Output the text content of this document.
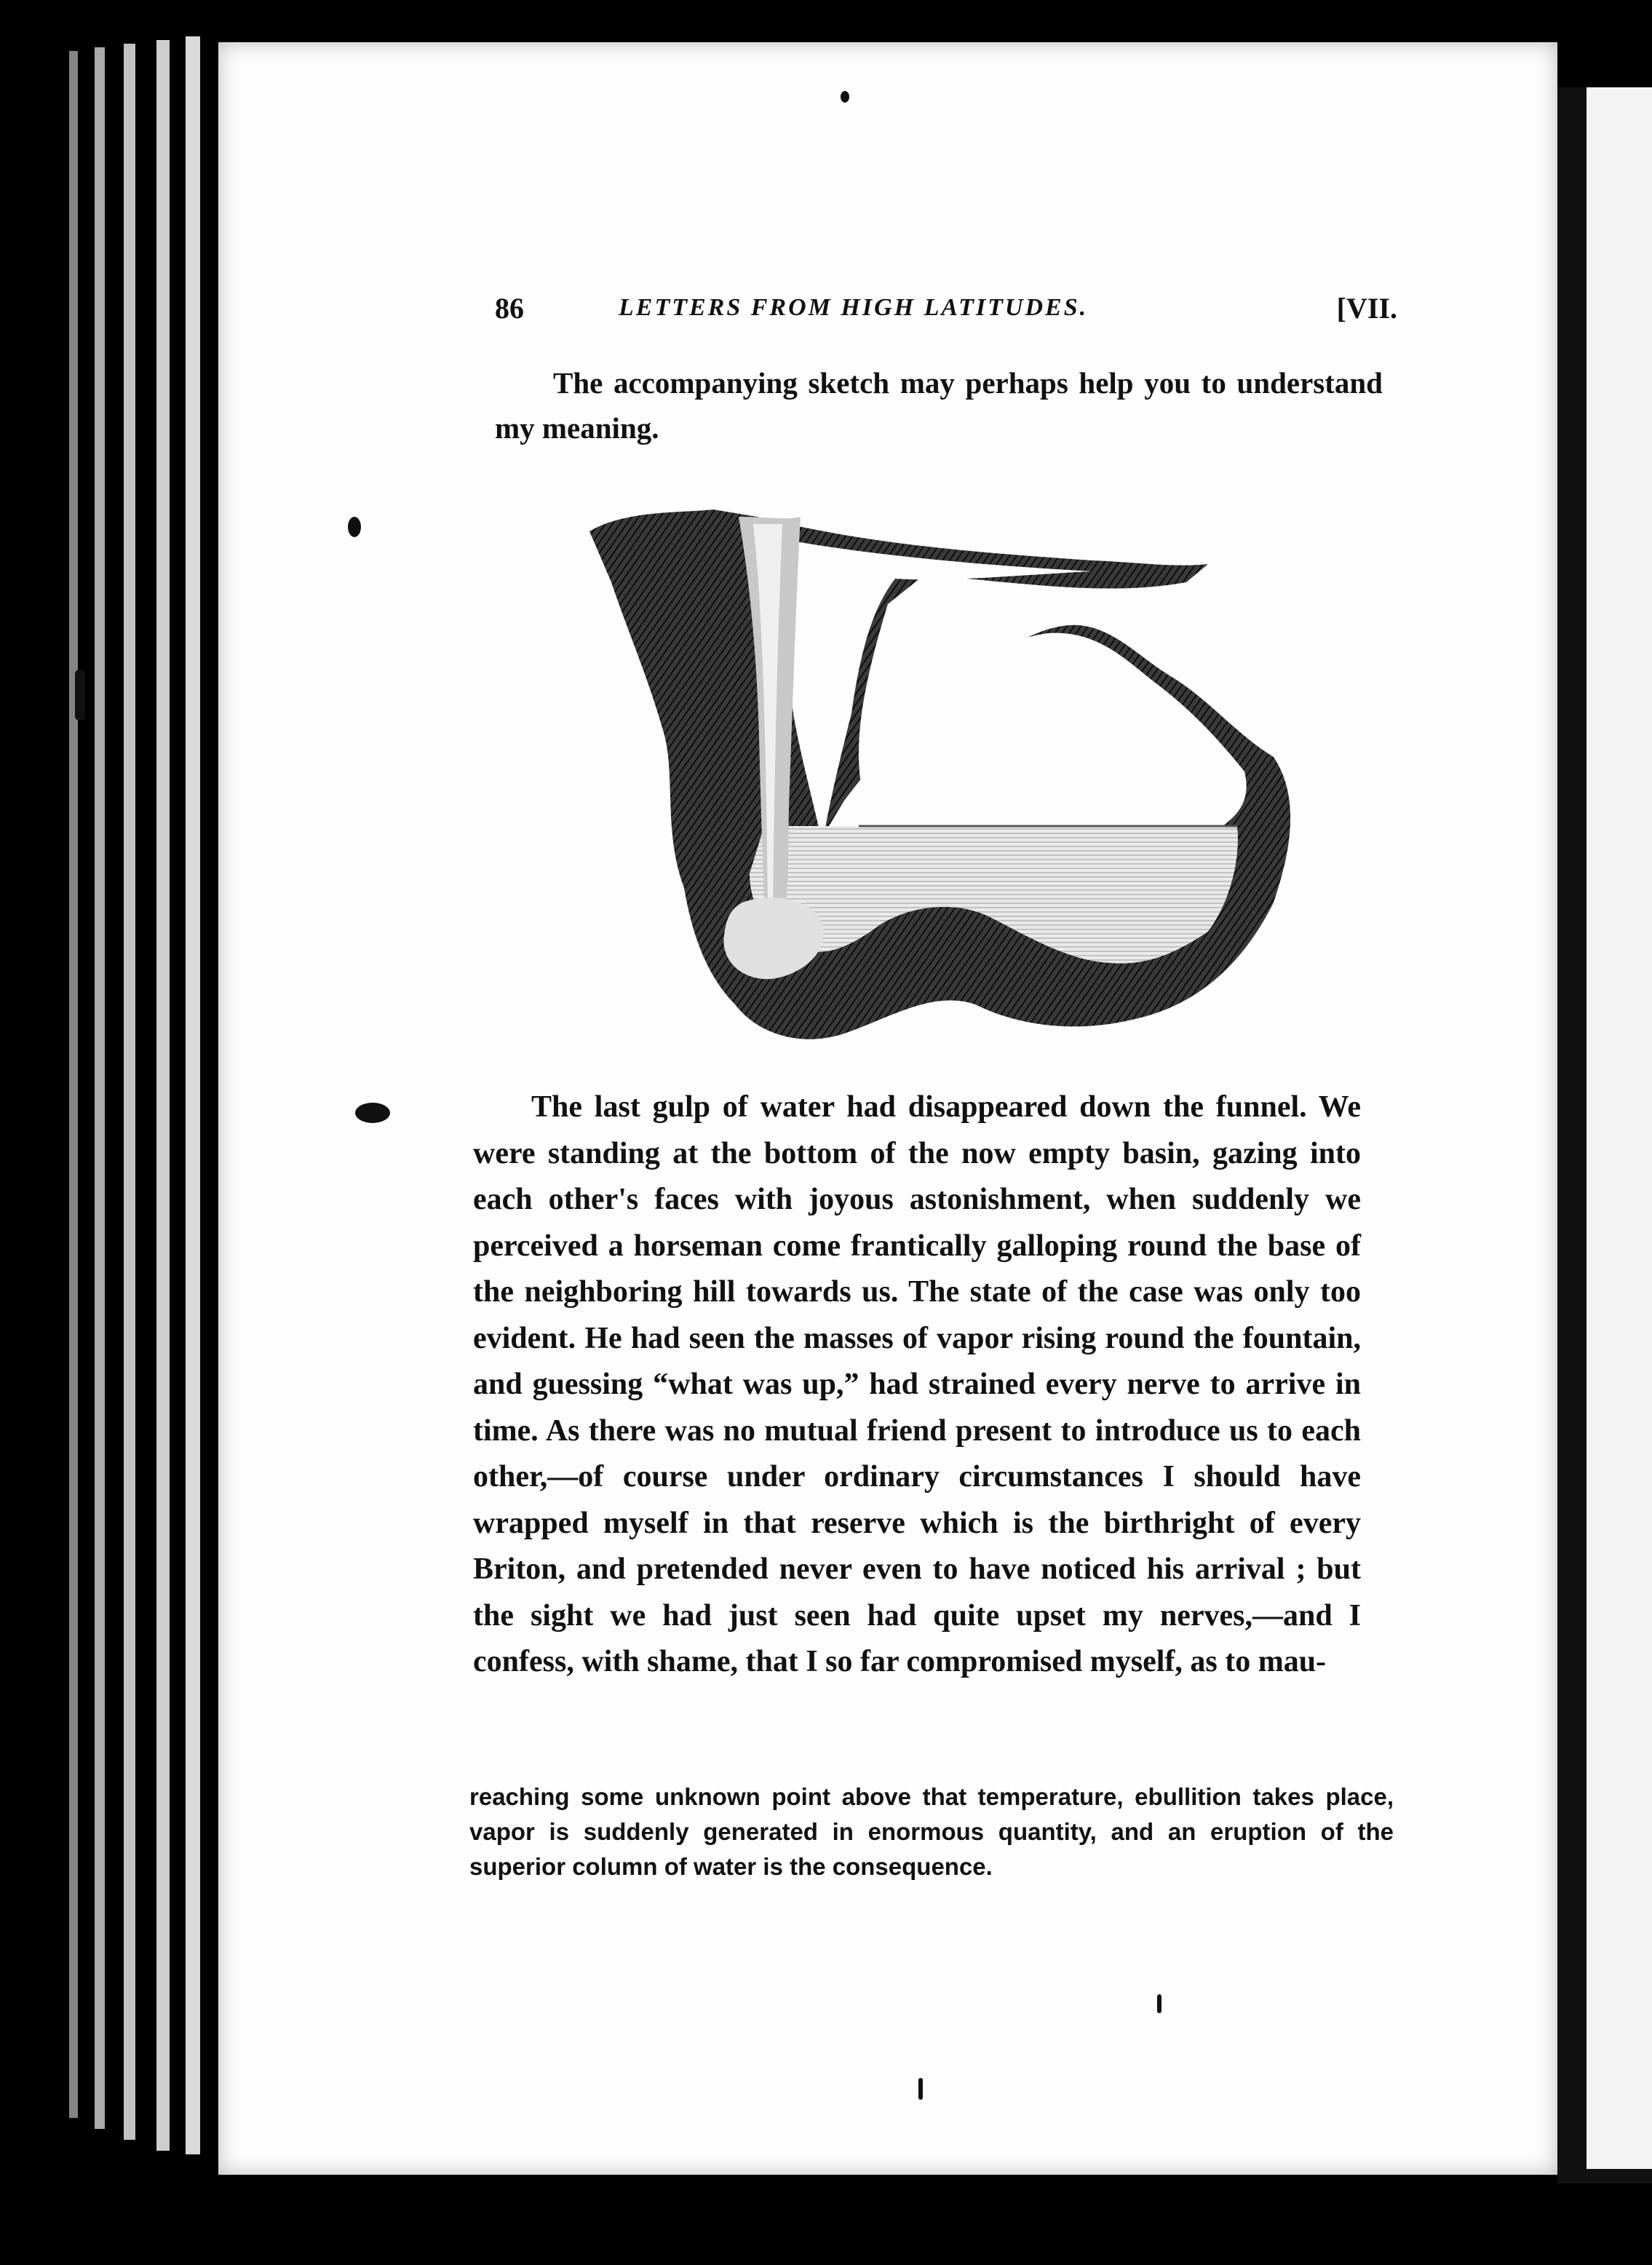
86	LETTERS FROM HIGH LATITUDES.	[VII.
The accompanying sketch may perhaps help you to understand my meaning.
The last gulp of water had disappeared down the funnel. We were standing at the bottom of the now empty basin, gazing into each other's faces with joyous astonishment, when suddenly we perceived a horseman come frantically galloping round the base of the neighboring hill towards us. The state of the case was only too evident. He had seen the masses of vapor rising round the fountain, and guessing “what was up,” had strained every nerve to arrive in time. As there was no mutual friend present to introduce us to each other,—of course under ordinary circumstances I should have wrapped myself in that reserve which is the birthright of every Briton, and pretended never even to have noticed his arrival ; but the sight we had just seen had quite upset my nerves,—and I confess, with shame, that I so far compromised myself, as to mau-
reaching some unknown point above that temperature, ebullition takes place, vapor is suddenly generated in enormous quantity, and an eruption of the superior column of water is the consequence.
